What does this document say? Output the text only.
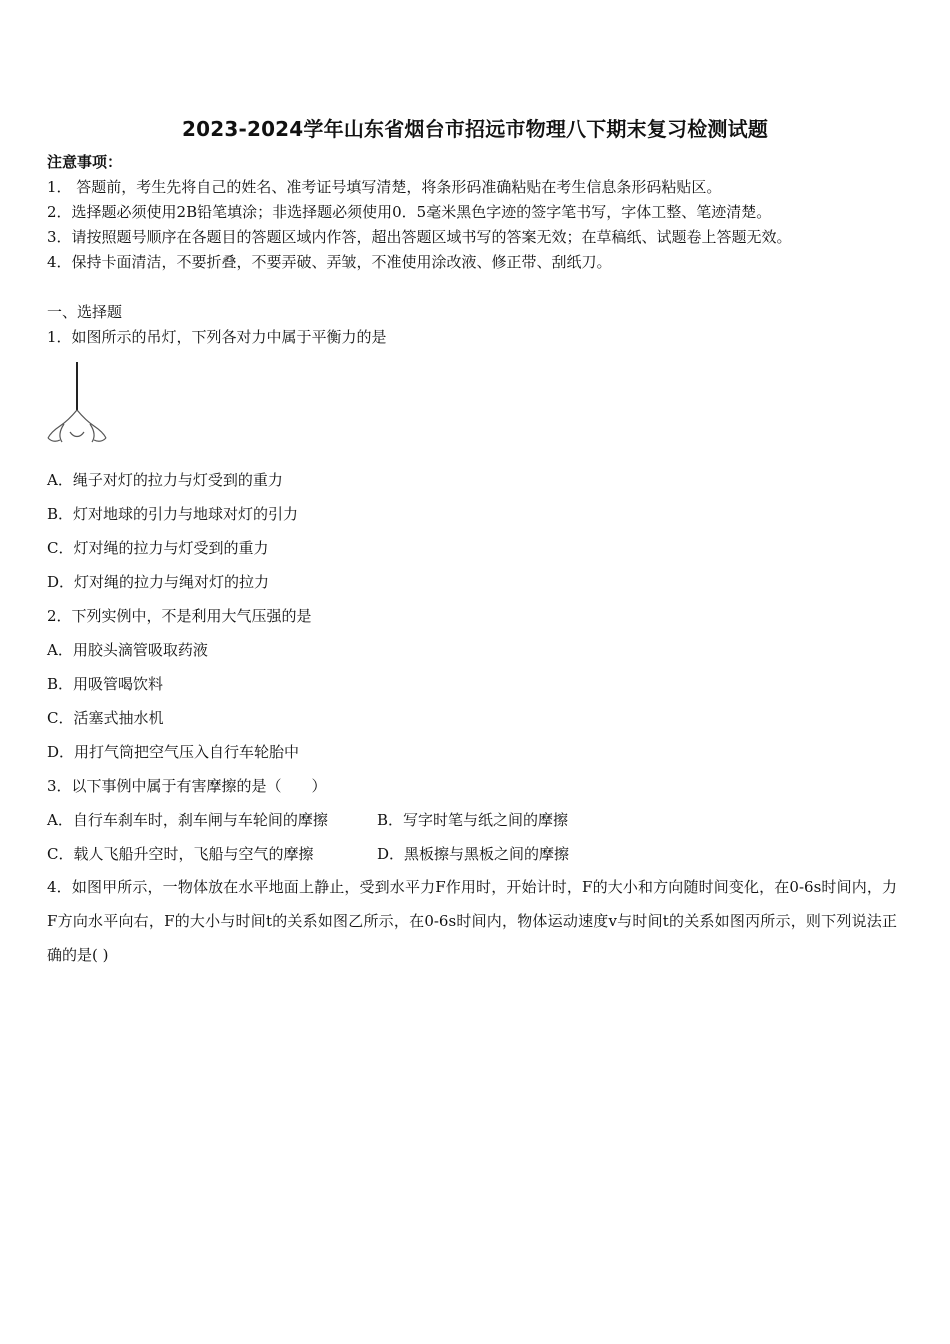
2023-2024学年山东省烟台市招远市物理八下期末复习检测试题
注意事项：
1． 答题前，考生先将自己的姓名、准考证号填写清楚，将条形码准确粘贴在考生信息条形码粘贴区。
2．选择题必须使用2B铅笔填涂；非选择题必须使用0．5毫米黑色字迹的签字笔书写，字体工整、笔迹清楚。
3．请按照题号顺序在各题目的答题区域内作答，超出答题区域书写的答案无效；在草稿纸、试题卷上答题无效。
4．保持卡面清洁，不要折叠，不要弄破、弄皱，不准使用涂改液、修正带、刮纸刀。
一、选择题
1．如图所示的吊灯，下列各对力中属于平衡力的是
A．绳子对灯的拉力与灯受到的重力
B．灯对地球的引力与地球对灯的引力
C．灯对绳的拉力与灯受到的重力
D．灯对绳的拉力与绳对灯的拉力
2．下列实例中，不是利用大气压强的是
A．用胶头滴管吸取药液
B．用吸管喝饮料
C．活塞式抽水机
D．用打气筒把空气压入自行车轮胎中
3．以下事例中属于有害摩擦的是（　　）
A．自行车刹车时，刹车闸与车轮间的摩擦	B．写字时笔与纸之间的摩擦
C．载人飞船升空时，飞船与空气的摩擦	D．黑板擦与黑板之间的摩擦
4．如图甲所示，一物体放在水平地面上静止，受到水平力F作用时，开始计时，F的大小和方向随时间变化，在0-6s时间内，力F方向水平向右，F的大小与时间t的关系如图乙所示，在0-6s时间内，物体运动速度v与时间t的关系如图丙所示，则下列说法正确的是( )
